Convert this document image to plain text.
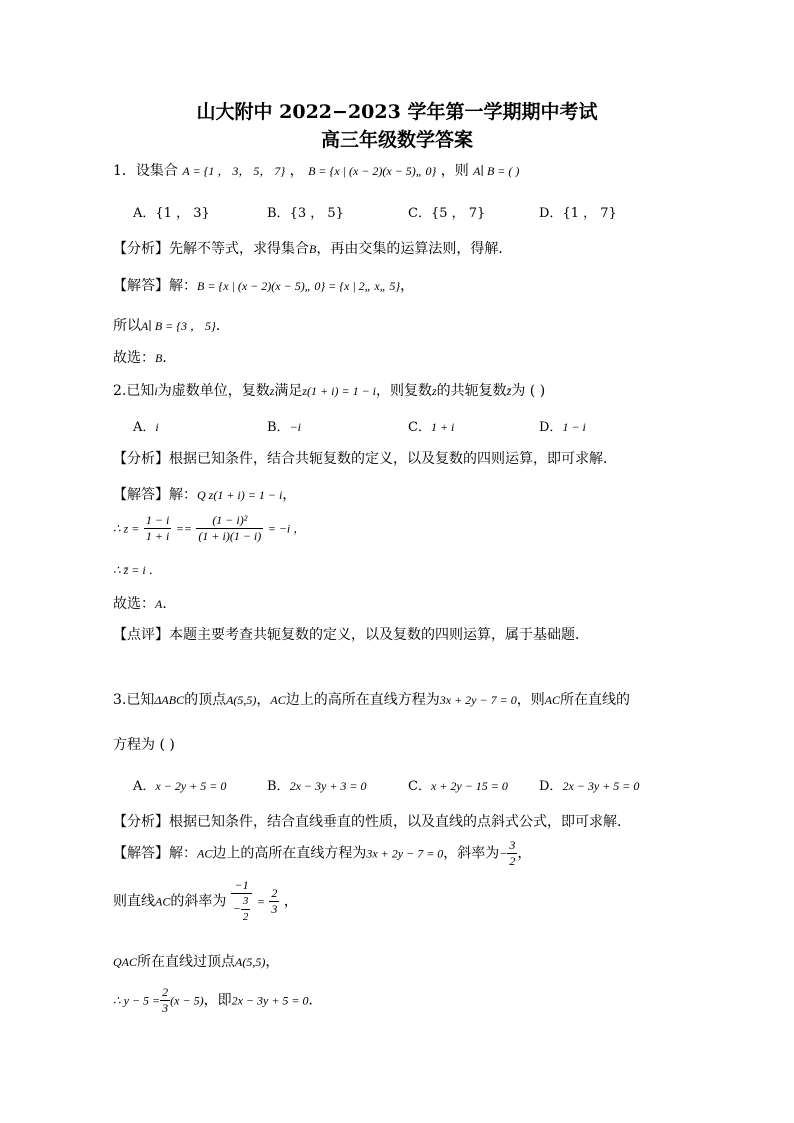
山大附中 2022−2023 学年第一学期期中考试
高三年级数学答案
1．设集合 A = {1 ， 3， 5， 7} ， B = {x | (x − 2)(x − 5)„ 0} ，则 A∣ B = ( )
A．{1 ， 3}	B．{3 ， 5}	C．{5 ， 7}	D．{1 ， 7}
【分析】先解不等式，求得集合B，再由交集的运算法则，得解．
【解答】解：B = {x | (x − 2)(x − 5)„ 0} = {x | 2„ x„ 5}，
所以A∣ B = {3 ， 5}．
故选：B．
2.已知i为虚数单位，复数z满足z(1 + i) = 1 − i，则复数z的共轭复数z̄为 ( )
A．i	B．−i	C．1 + i	D．1 − i
【分析】根据已知条件，结合共轭复数的定义，以及复数的四则运算，即可求解．
【解答】解：Q z(1 + i) = 1 − i，
∴ $z = \frac{1 - i}{1 + i} == \frac{\text{(1 − i)²}}{(1 + i)(1 - i)} = -i$ ，
∴ z̄ = i ．
故选：A．
【点评】本题主要考查共轭复数的定义，以及复数的四则运算，属于基础题．
3.已知ΔABC的顶点A(5,5)，AC边上的高所在直线方程为3x + 2y − 7 = 0，则AC所在直线的
方程为 ( )
A．x − 2y + 5 = 0	B．2x − 3y + 3 = 0	C．x + 2y − 15 = 0 D．2x − 3y + 5 = 0
【分析】根据已知条件，结合直线垂直的性质，以及直线的点斜式公式，即可求解．
【解答】解：AC边上的高所在直线方程为3x + 2y − 7 = 0，斜率为− $\frac{3}{2}$ ，
则直线AC的斜率为 $\frac{-1}{- \frac{3}{2}} = \frac{2}{3}$ ，
QAC所在直线过顶点A(5,5)，
∴ $y - 5 = \frac{2}{3} (x - 5)$，即2x − 3y + 5 = 0．
